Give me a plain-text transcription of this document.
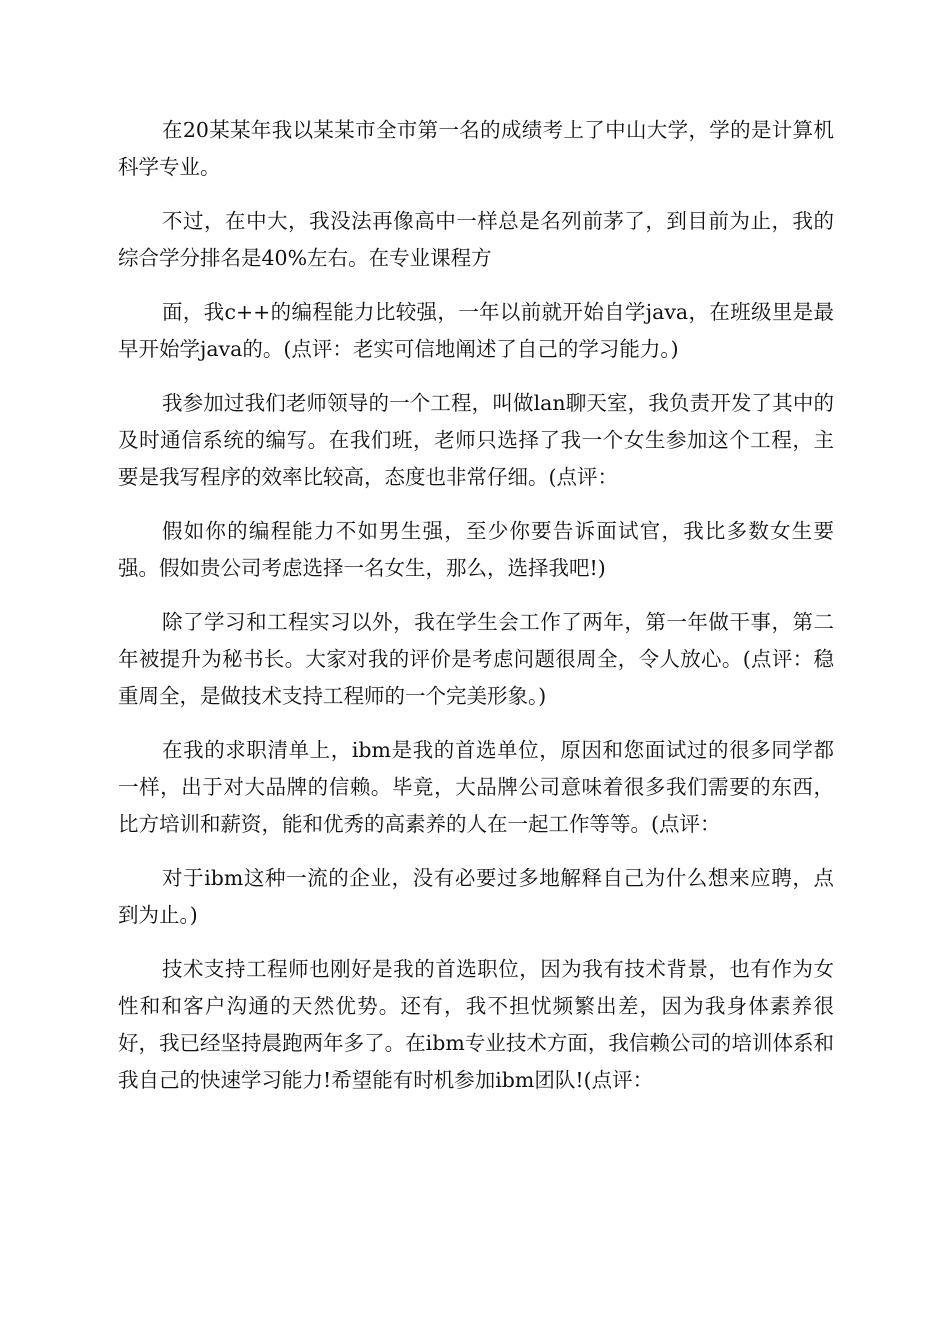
在20某某年我以某某市全市第一名的成绩考上了中山大学，学的是计算机科学专业。

不过，在中大，我没法再像高中一样总是名列前茅了，到目前为止，我的综合学分排名是40%左右。在专业课程方

面，我c++的编程能力比较强，一年以前就开始自学java，在班级里是最早开始学java的。(点评：老实可信地阐述了自己的学习能力。)

我参加过我们老师领导的一个工程，叫做lan聊天室，我负责开发了其中的及时通信系统的编写。在我们班，老师只选择了我一个女生参加这个工程，主要是我写程序的效率比较高，态度也非常仔细。(点评：

假如你的编程能力不如男生强，至少你要告诉面试官，我比多数女生要强。假如贵公司考虑选择一名女生，那么，选择我吧!)

除了学习和工程实习以外，我在学生会工作了两年，第一年做干事，第二年被提升为秘书长。大家对我的评价是考虑问题很周全，令人放心。(点评：稳重周全，是做技术支持工程师的一个完美形象。)

在我的求职清单上，ibm是我的首选单位，原因和您面试过的很多同学都一样，出于对大品牌的信赖。毕竟，大品牌公司意味着很多我们需要的东西，比方培训和薪资，能和优秀的高素养的人在一起工作等等。(点评：

对于ibm这种一流的企业，没有必要过多地解释自己为什么想来应聘，点到为止。)

技术支持工程师也刚好是我的首选职位，因为我有技术背景，也有作为女性和和客户沟通的天然优势。还有，我不担忧频繁出差，因为我身体素养很好，我已经坚持晨跑两年多了。在ibm专业技术方面，我信赖公司的培训体系和我自己的快速学习能力!希望能有时机参加ibm团队!(点评：
